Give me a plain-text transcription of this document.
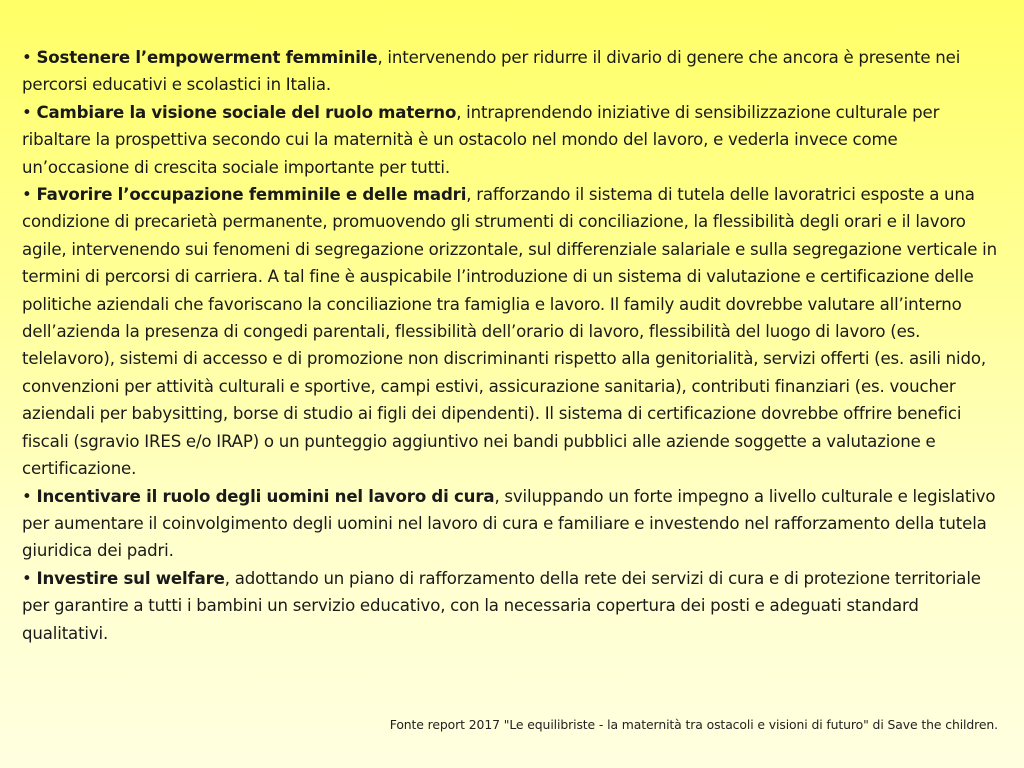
• Sostenere l’empowerment femminile, intervenendo per ridurre il divario di genere che ancora è presente nei percorsi educativi e scolastici in Italia.

• Cambiare la visione sociale del ruolo materno, intraprendendo iniziative di sensibilizzazione culturale per ribaltare la prospettiva secondo cui la maternità è un ostacolo nel mondo del lavoro, e vederla invece come un’occasione di crescita sociale importante per tutti.

• Favorire l’occupazione femminile e delle madri, rafforzando il sistema di tutela delle lavoratrici esposte a una condizione di precarietà permanente, promuovendo gli strumenti di conciliazione, la flessibilità degli orari e il lavoro agile, intervenendo sui fenomeni di segregazione orizzontale, sul differenziale salariale e sulla segregazione verticale in termini di percorsi di carriera. A tal fine è auspicabile l’introduzione di un sistema di valutazione e certificazione delle politiche aziendali che favoriscano la conciliazione tra famiglia e lavoro. Il family audit dovrebbe valutare all’interno dell’azienda la presenza di congedi parentali, flessibilità dell’orario di lavoro, flessibilità del luogo di lavoro (es. telelavoro), sistemi di accesso e di promozione non discriminanti rispetto alla genitorialità, servizi offerti (es. asili nido, convenzioni per attività culturali e sportive, campi estivi, assicurazione sanitaria), contributi finanziari (es. voucher aziendali per babysitting, borse di studio ai figli dei dipendenti). Il sistema di certificazione dovrebbe offrire benefici fiscali (sgravio IRES e/o IRAP) o un punteggio aggiuntivo nei bandi pubblici alle aziende soggette a valutazione e certificazione.

• Incentivare il ruolo degli uomini nel lavoro di cura, sviluppando un forte impegno a livello culturale e legislativo per aumentare il coinvolgimento degli uomini nel lavoro di cura e familiare e investendo nel rafforzamento della tutela giuridica dei padri.

• Investire sul welfare, adottando un piano di rafforzamento della rete dei servizi di cura e di protezione territoriale per garantire a tutti i bambini un servizio educativo, con la necessaria copertura dei posti e adeguati standard qualitativi.

Fonte report 2017 "Le equilibriste - la maternità tra ostacoli e visioni di futuro" di Save the children.
